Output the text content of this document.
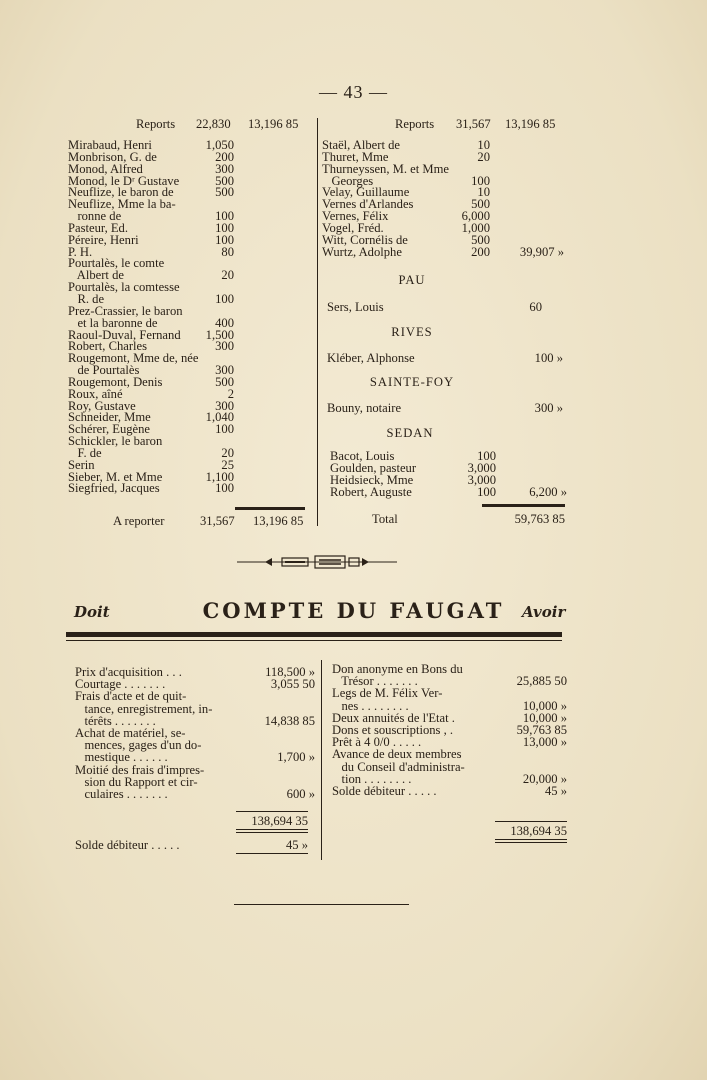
— 43 —
Reports 22,830 13,196 85
Mirabaud, Henri	1,050
Monbrison, G. de	200
Monod, Alfred	300
Monod, le Dʳ Gustave	500
Neuflize, le baron de	500
Neuflize, Mme la ba-
ronne de	100
Pasteur, Ed.	100
Péreire, Henri	100
P. H.	80
Pourtalès, le comte
Albert de	20
Pourtalès, la comtesse
R. de	100
Prez-Crassier, le baron
et la baronne de	400
Raoul-Duval, Fernand 1,500
Robert, Charles	300
Rougemont, Mme de, née
de Pourtalès	300
Rougemont, Denis	500
Roux, aîné	2
Roy, Gustave	300
Schneider, Mme	1,040
Schérer, Eugène	100
Schickler, le baron
F. de	20
Serin	25
Sieber, M. et Mme	1,100
Siegfried, Jacques	100
A reporter	31,567 13,196 85
Reports 31,567 13,196 85
Staël, Albert de	10
Thuret, Mme	20
Thurneyssen, M. et Mme
Georges	100
Velay, Guillaume	10
Vernes d'Arlandes	500
Vernes, Félix	6,000
Vogel, Fréd.	1,000
Witt, Cornélis de	500
Wurtz, Adolphe	200 39,907 »
PAU
Sers, Louis	60
RIVES
Kléber, Alphonse	100 »
SAINTE-FOY
Bouny, notaire	300 »
SEDAN
Bacot, Louis	100
Goulden, pasteur	3,000
Heidsieck, Mme	3,000
Robert, Auguste	100	6,200 »
Total	59,763 85
Doit	COMPTE DU FAUGAT	Avoir
Prix d'acquisition . . .	118,500 »
Courtage . . . . . . .	3,055 50
Frais d'acte et de quit-
tance, enregistrement, in-
térêts . . . . . . .	14,838 85
Achat de matériel, se-
mences, gages d'un do-
mestique . . . . . .	1,700 »
Moitié des frais d'impres-
sion du Rapport et cir-
culaires . . . . . . .	600 »
138,694 35
Solde débiteur . . . . .	45 »
Don anonyme en Bons du
Trésor . . . . . . .	25,885 50
Legs de M. Félix Ver-
nes . . . . . . . .	10,000 »
Deux annuités de l'Etat .	10,000 »
Dons et souscriptions , .	59,763 85
Prêt à 4 0/0 . . . . .	13,000 »
Avance de deux membres
du Conseil d'administra-
tion . . . . . . . .	20,000 »
Solde débiteur . . . . .	45 »
138,694 35
